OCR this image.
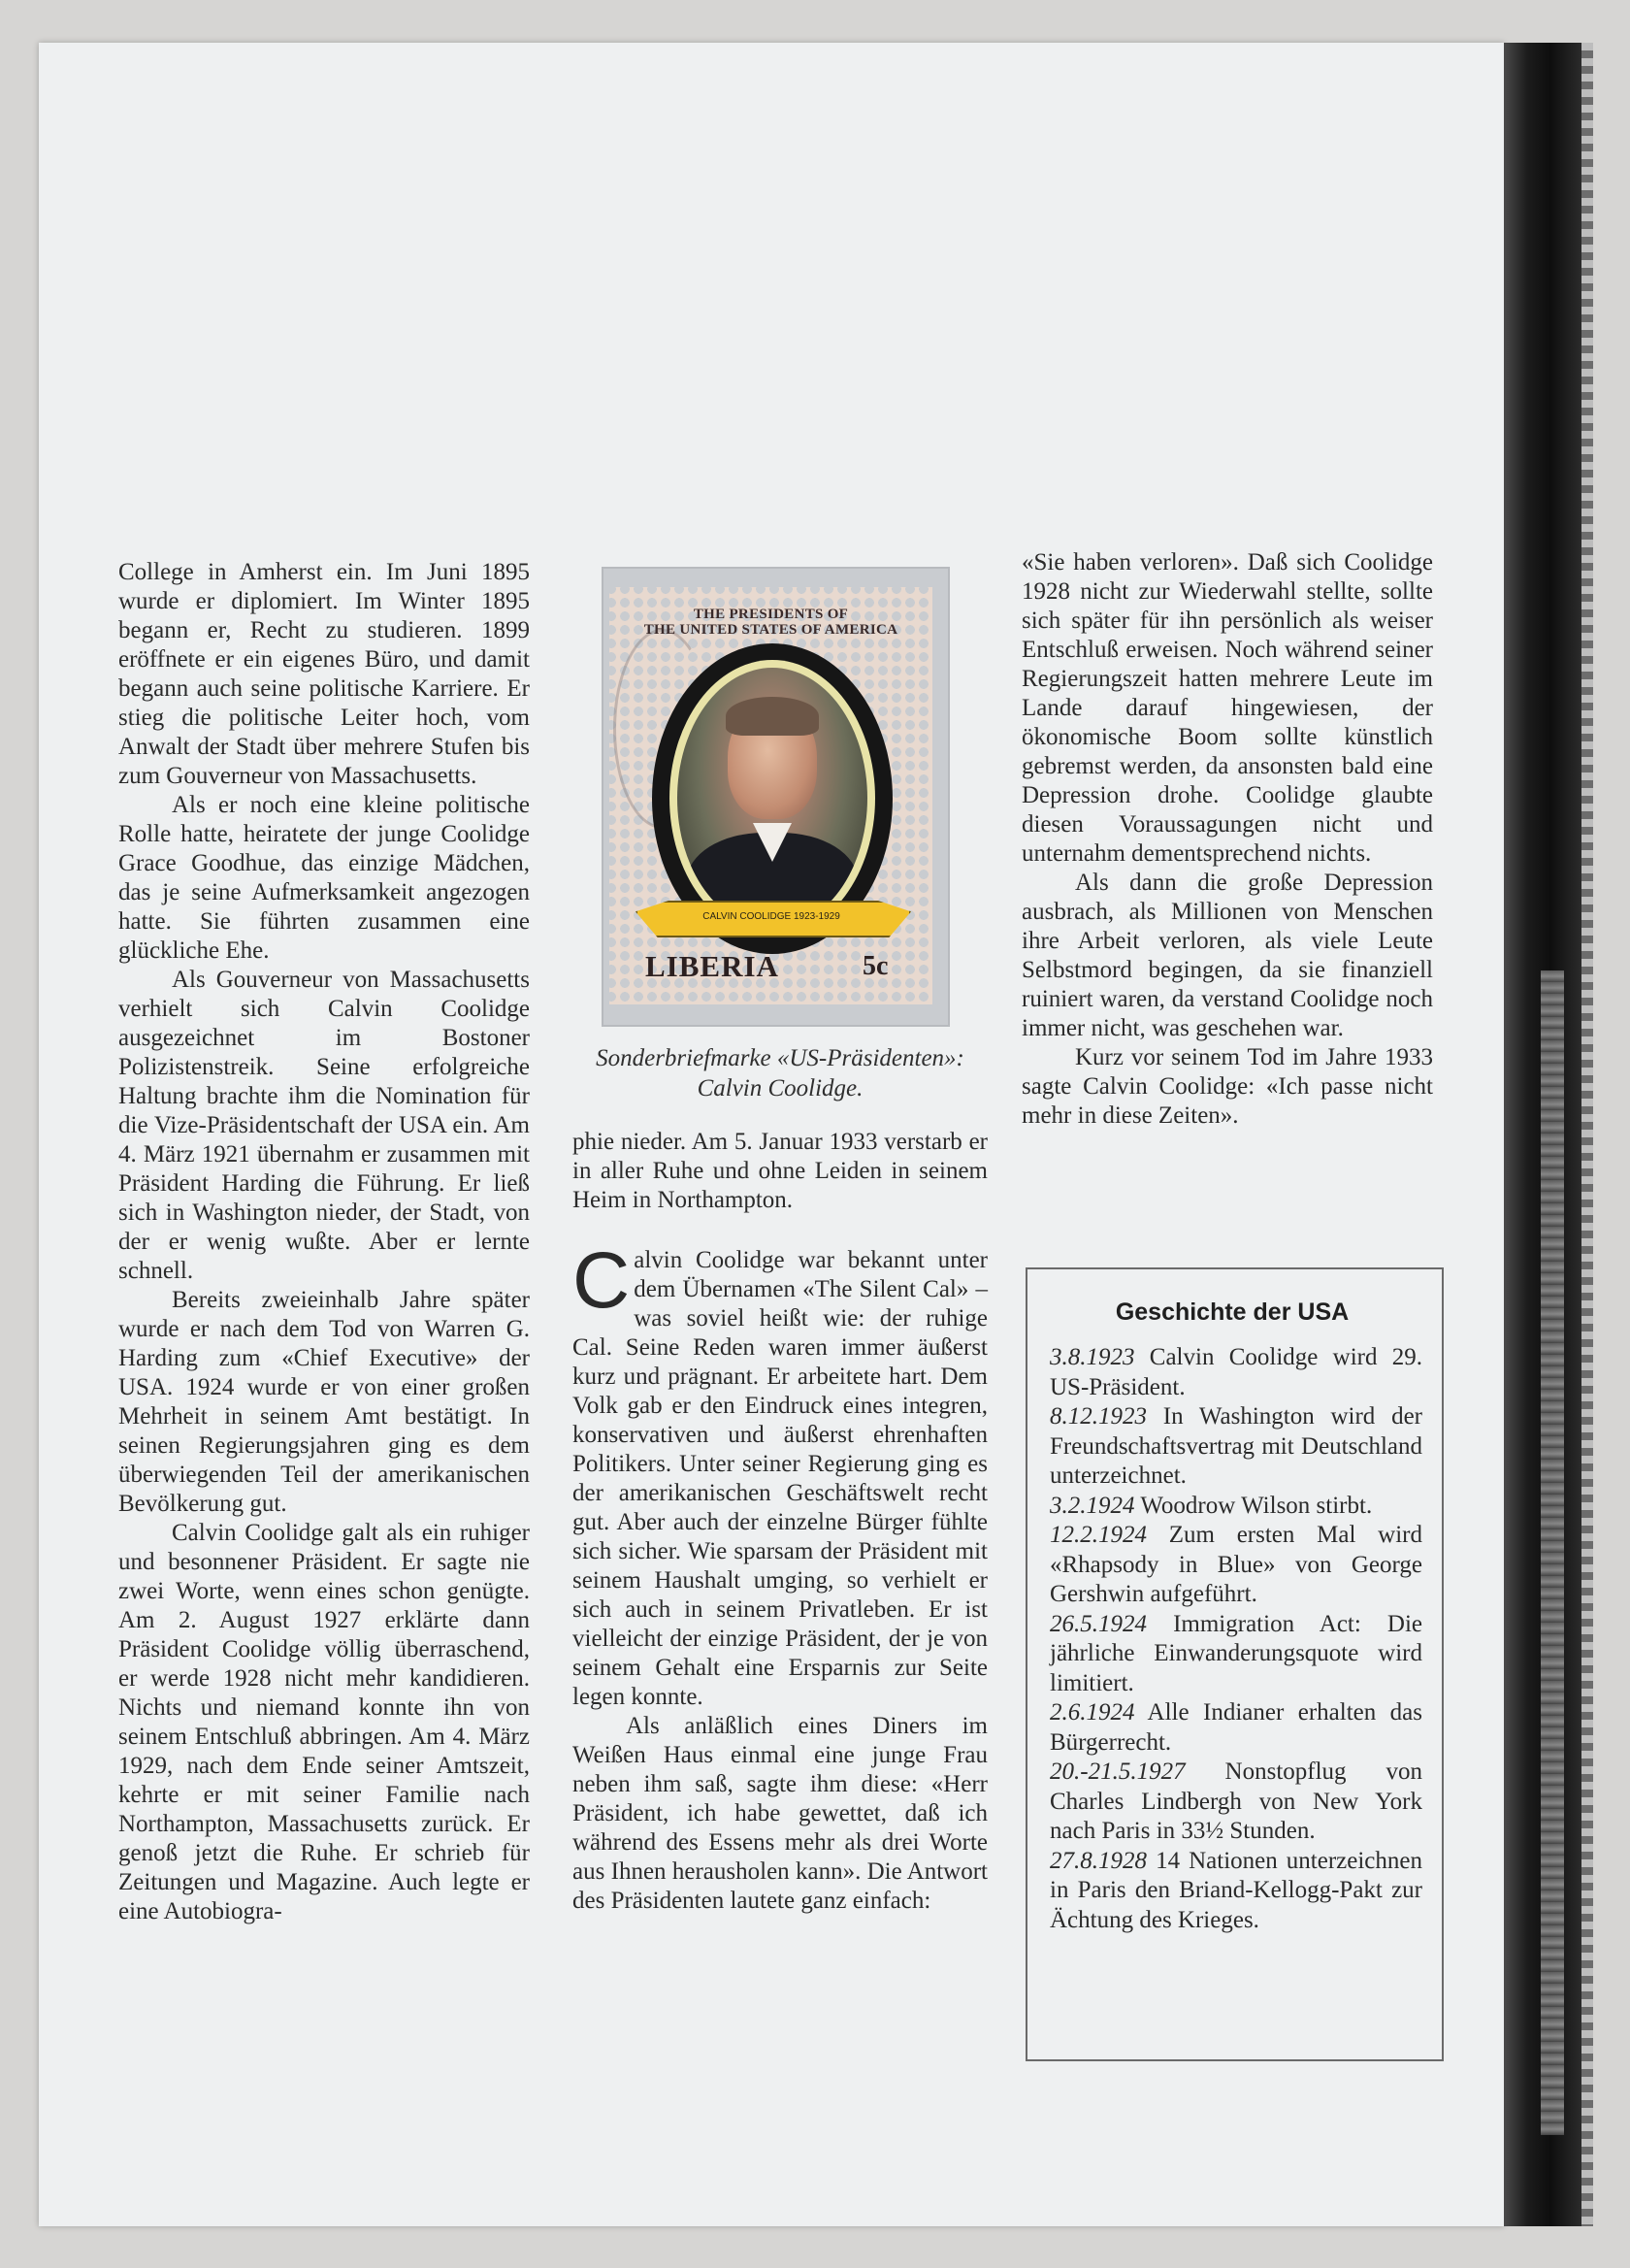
College in Amherst ein. Im Juni 1895 wurde er diplomiert. Im Winter 1895 begann er, Recht zu studieren. 1899 eröffnete er ein eigenes Büro, und damit begann auch seine politische Karriere. Er stieg die politische Leiter hoch, vom Anwalt der Stadt über mehrere Stufen bis zum Gouverneur von Massachusetts.

Als er noch eine kleine politische Rolle hatte, heiratete der junge Coolidge Grace Goodhue, das einzige Mädchen, das je seine Aufmerksamkeit angezogen hatte. Sie führten zusammen eine glückliche Ehe.

Als Gouverneur von Massachusetts verhielt sich Calvin Coolidge ausgezeichnet im Bostoner Polizistenstreik. Seine erfolgreiche Haltung brachte ihm die Nomination für die Vize-Präsidentschaft der USA ein. Am 4. März 1921 übernahm er zusammen mit Präsident Harding die Führung. Er ließ sich in Washington nieder, der Stadt, von der er wenig wußte. Aber er lernte schnell.

Bereits zweieinhalb Jahre später wurde er nach dem Tod von Warren G. Harding zum «Chief Executive» der USA. 1924 wurde er von einer großen Mehrheit in seinem Amt bestätigt. In seinen Regierungsjahren ging es dem überwiegenden Teil der amerikanischen Bevölkerung gut.

Calvin Coolidge galt als ein ruhiger und besonnener Präsident. Er sagte nie zwei Worte, wenn eines schon genügte. Am 2. August 1927 erklärte dann Präsident Coolidge völlig überraschend, er werde 1928 nicht mehr kandidieren. Nichts und niemand konnte ihn von seinem Entschluß abbringen. Am 4. März 1929, nach dem Ende seiner Amtszeit, kehrte er mit seiner Familie nach Northampton, Massachusetts zurück. Er genoß jetzt die Ruhe. Er schrieb für Zeitungen und Magazine. Auch legte er eine Autobiogra-

THE PRESIDENTS OF
THE UNITED STATES OF AMERICA
CALVIN COOLIDGE 1923-1929
LIBERIA	5c
Sonderbriefmarke «US-Präsidenten»: Calvin Coolidge.

phie nieder. Am 5. Januar 1933 verstarb er in aller Ruhe und ohne Leiden in seinem Heim in Northampton.

Calvin Coolidge war bekannt unter dem Übernamen «The Silent Cal» – was soviel heißt wie: der ruhige Cal. Seine Reden waren immer äußerst kurz und prägnant. Er arbeitete hart. Dem Volk gab er den Eindruck eines integren, konservativen und äußerst ehrenhaften Politikers. Unter seiner Regierung ging es der amerikanischen Geschäftswelt recht gut. Aber auch der einzelne Bürger fühlte sich sicher. Wie sparsam der Präsident mit seinem Haushalt umging, so verhielt er sich auch in seinem Privatleben. Er ist vielleicht der einzige Präsident, der je von seinem Gehalt eine Ersparnis zur Seite legen konnte.

Als anläßlich eines Diners im Weißen Haus einmal eine junge Frau neben ihm saß, sagte ihm diese: «Herr Präsident, ich habe gewettet, daß ich während des Essens mehr als drei Worte aus Ihnen herausholen kann». Die Antwort des Präsidenten lautete ganz einfach:

«Sie haben verloren». Daß sich Coolidge 1928 nicht zur Wiederwahl stellte, sollte sich später für ihn persönlich als weiser Entschluß erweisen. Noch während seiner Regierungszeit hatten mehrere Leute im Lande darauf hingewiesen, der ökonomische Boom sollte künstlich gebremst werden, da ansonsten bald eine Depression drohe. Coolidge glaubte diesen Voraussagungen nicht und unternahm dementsprechend nichts.

Als dann die große Depression ausbrach, als Millionen von Menschen ihre Arbeit verloren, als viele Leute Selbstmord begingen, da sie finanziell ruiniert waren, da verstand Coolidge noch immer nicht, was geschehen war.

Kurz vor seinem Tod im Jahre 1933 sagte Calvin Coolidge: «Ich passe nicht mehr in diese Zeiten».

Geschichte der USA

3.8.1923 Calvin Coolidge wird 29. US-Präsident.

8.12.1923 In Washington wird der Freundschaftsvertrag mit Deutschland unterzeichnet.

3.2.1924 Woodrow Wilson stirbt.

12.2.1924 Zum ersten Mal wird «Rhapsody in Blue» von George Gershwin aufgeführt.

26.5.1924 Immigration Act: Die jährliche Einwanderungsquote wird limitiert.

2.6.1924 Alle Indianer erhalten das Bürgerrecht.

20.-21.5.1927 Nonstopflug von Charles Lindbergh von New York nach Paris in 33½ Stunden.

27.8.1928 14 Nationen unterzeichnen in Paris den Briand-Kellogg-Pakt zur Ächtung des Krieges.
